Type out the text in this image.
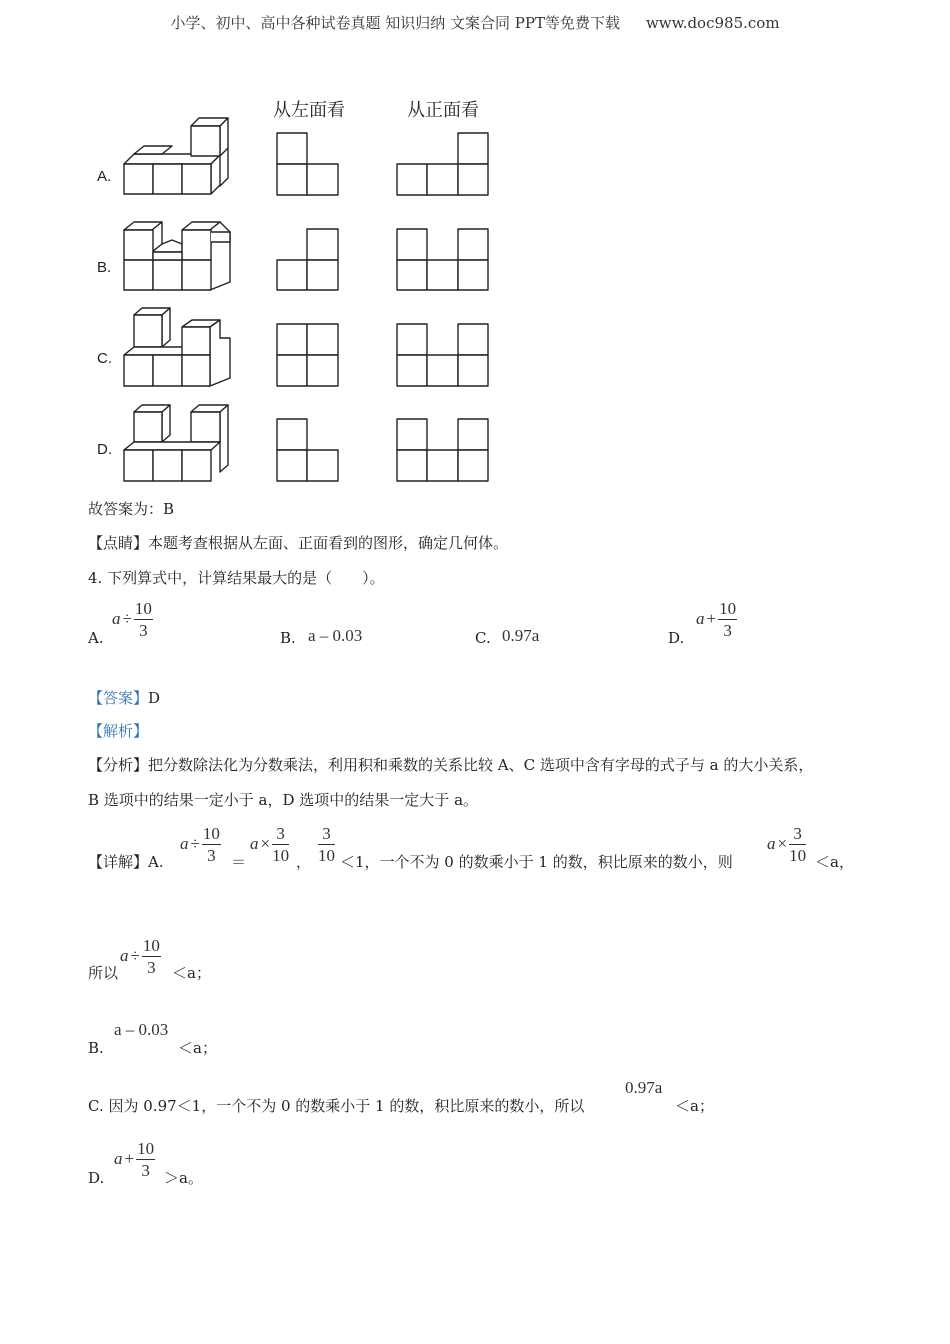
小学、初中、高中各种试卷真题 知识归纳 文案合同 PPT等免费下载 www.doc985.com
从左面看	从正面看
A.
B.
C.
D.
故答案为：B
【点睛】本题考查根据从左面、正面看到的图形，确定几何体。
4. 下列算式中，计算结果最大的是（　　）。
A.
$a \div \frac{10}{3}$	B. a – 0.03	C. 0.97a	D.
$a + \frac{10}{3}$
【答案】D
【解析】
【分析】把分数除法化为分数乘法，利用积和乘数的关系比较 A、C 选项中含有字母的式子与 a 的大小关系，
B 选项中的结果一定小于 a，D 选项中的结果一定大于 a。
【详解】A.
$a \div \frac{10}{3}$ ＝
$a \times \frac{3}{10}$ ， $\frac{3}{10} <1$，一个不为 0 的数乘小于 1 的数，积比原来的数小，则
$a \times \frac{3}{10} <a$，
所以
$a \div \frac{10}{3} <a$；
B.
a – 0.03
＜a；
C. 因为 0.97＜1，一个不为 0 的数乘小于 1 的数，积比原来的数小，所以
0.97a
＜a；
D.
$a + \frac{10}{3} >a$。
